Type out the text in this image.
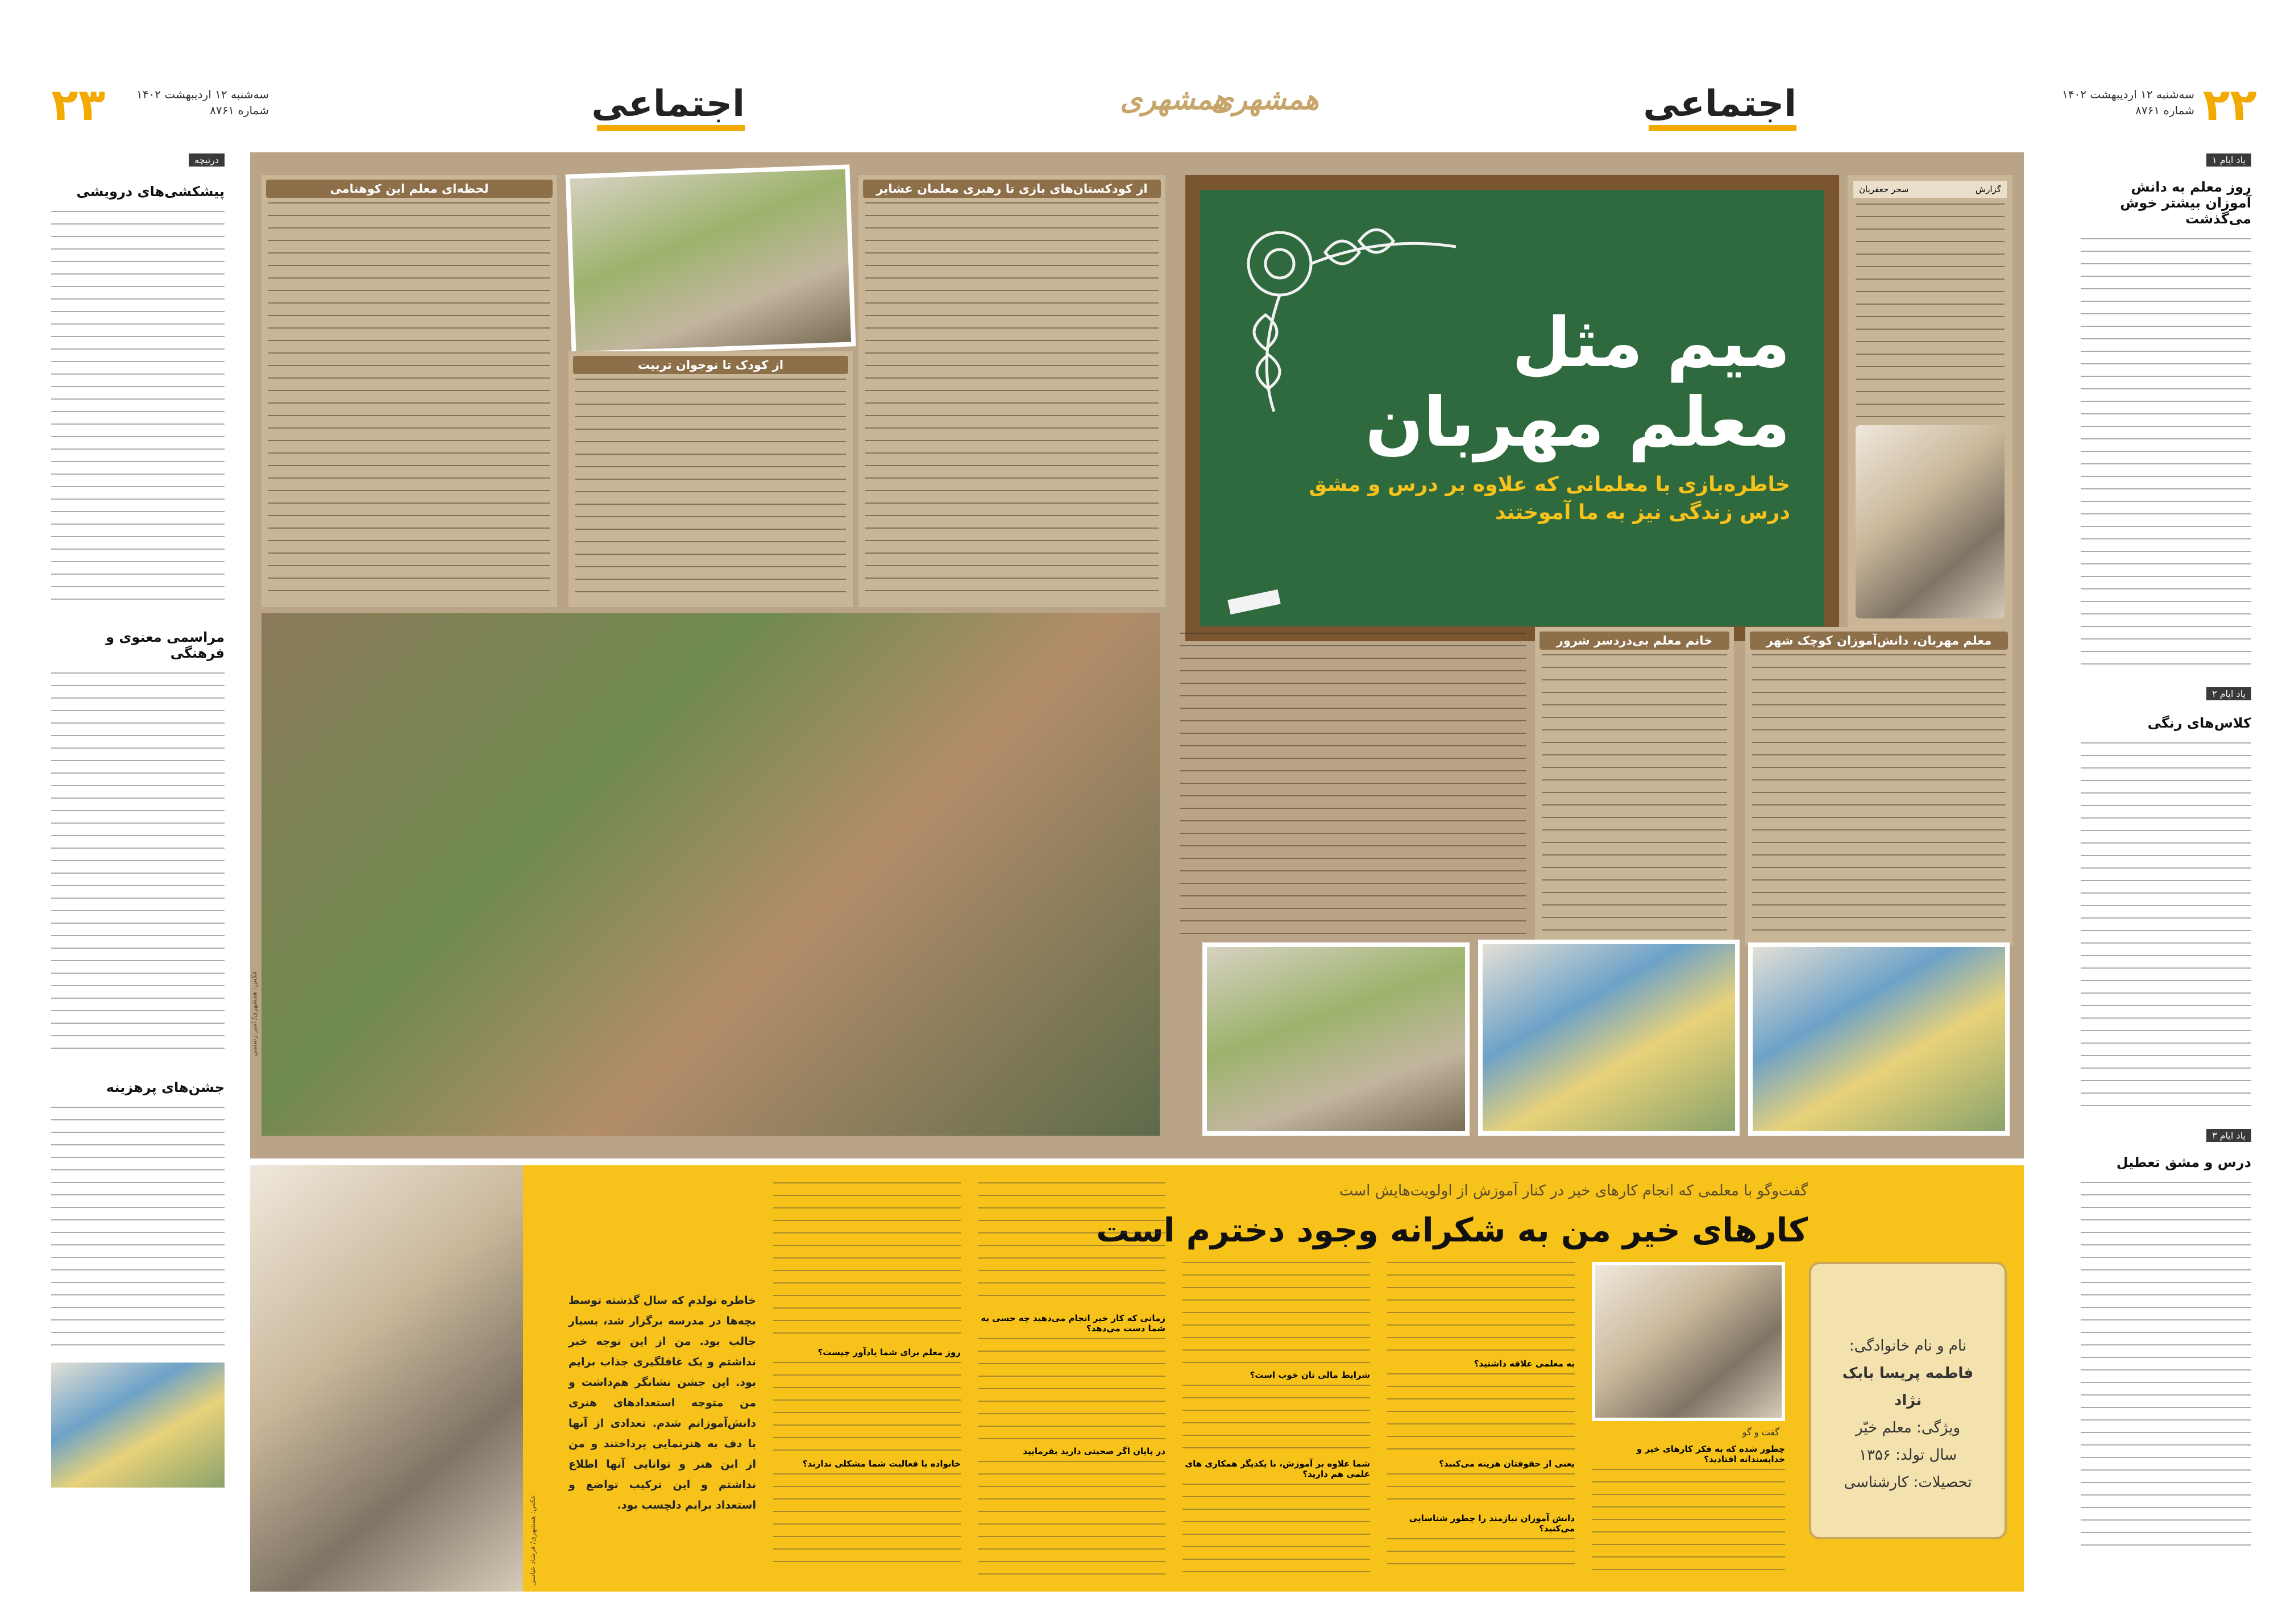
۲۲
سه‌شنبه ۱۲ اردیبهشت ۱۴۰۲
شماره ۸۷۶۱
اجتماعی
همشهری
همشهری
اجتماعی
سه‌شنبه ۱۲ اردیبهشت ۱۴۰۲
شماره ۸۷۶۱
۲۳
یاد ایام ۱
روز معلم به دانش آموزان بیشتر خوش می‌گذشت
یاد ایام ۲
کلاس‌های رنگی
یاد ایام ۳
درس و مشق تعطیل
درنیچه
پیشکشی‌های درویشی
مراسمی معنوی و فرهنگی
جشن‌های پرهزینه
میم مثل
معلم مهربان
خاطره‌بازی با معلمانی که علاوه بر درس و مشق
درس زندگی نیز به ما آموختند
گزارش
سحر جعفریان
معلم مهربان، دانش‌آموزان کوچک شهر
خانم معلم بی‌دردسر شرور
از کودکستان‌های بازی تا رهبری معلمان عشایر
از کودک تا نوجوان تربیت
لحظه‌ای معلم این کوهنامی
عکس: همشهری/ امیر رستمی
نام و نام خانوادگی:
فاطمه پریسا بابک نژاد
ویژگی: معلم خیّر
سال تولد: ۱۳۵۶
تحصیلات: کارشناسی
گفت‌وگو با معلمی که انجام کارهای خیر در کنار آموزش از اولویت‌هایش است
کارهای خیر من به شکرانه وجود دخترم است
گفت و گو
چطور شده که به فکر کارهای خیر و خداپسندانه افتادید؟
به معلمی علاقه داشتید؟
یعنی از حقوقتان هزینه می‌کنید؟
دانش آموزان نیازمند را چطور شناسایی می‌کنید؟
شرایط مالی تان خوب است؟
شما علاوه بر آموزش، با یکدیگر همکاری های علمی هم دارید؟
زمانی که کار خیر انجام می‌دهید چه حسی به شما دست می‌دهد؟
در پایان اگر صحبتی دارید بفرمایید
روز معلم برای شما یادآور چیست؟
خانواده با فعالیت شما مشکلی ندارند؟
خاطره تولدم که سال گذشته توسط بچه‌ها در مدرسه برگزار شد، بسیار جالب بود. من از این توجه خبر نداشتم و یک غافلگیری جذاب برایم بود. این جشن نشانگر هم‌داشت و من متوجه استعدادهای هنری دانش‌آموزانم شدم. تعدادی از آنها با دف به هنرنمایی پرداختند و من از این هنر و توانایی آنها اطلاع نداشتم و این ترکیب تواضع و استعداد برایم دلچسب بود.
عکس: همشهری/ فرشاد عباسی
